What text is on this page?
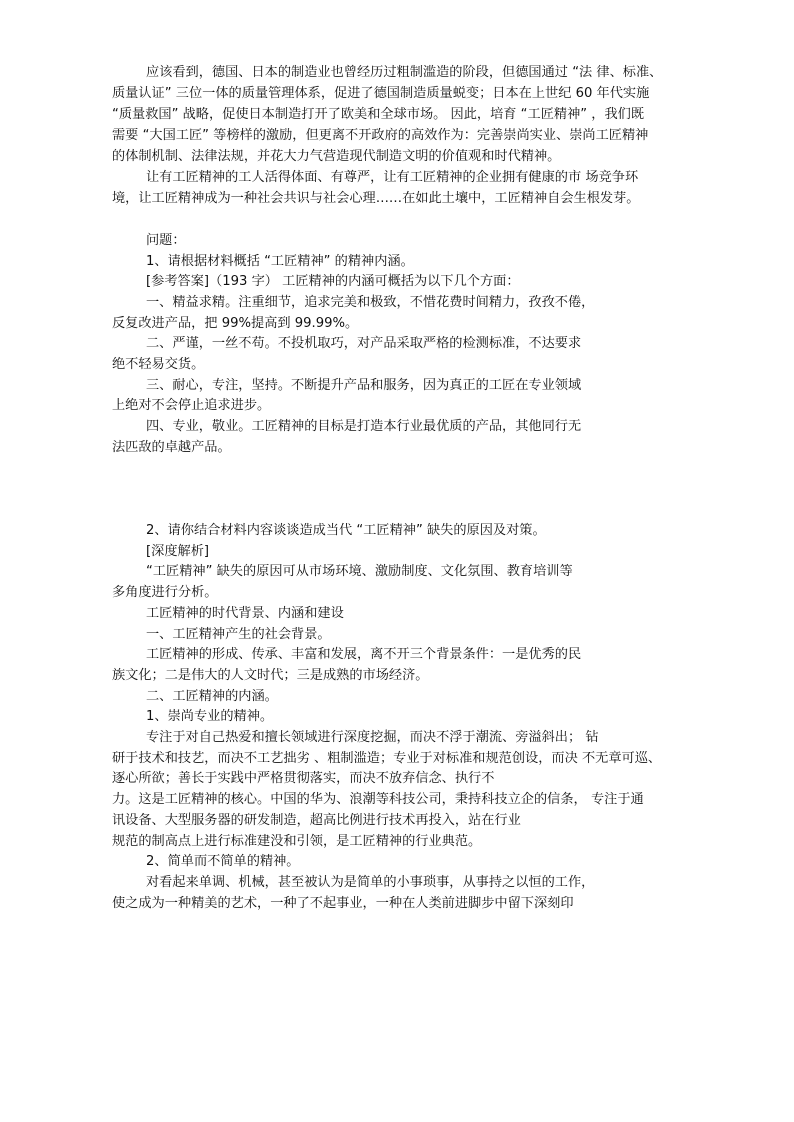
应该看到，德国、日本的制造业也曾经历过粗制滥造的阶段，但德国通过 “法 律、标准、
质量认证” 三位一体的质量管理体系，促进了德国制造质量蜕变；日本在上世纪 60 年代实施
“质量救国” 战略，促使日本制造打开了欧美和全球市场。 因此，培育 “工匠精神” ，我们既
需要 “大国工匠” 等榜样的激励，但更离不开政府的高效作为：完善崇尚实业、崇尚工匠精神
的体制机制、法律法规，并花大力气营造现代制造文明的价值观和时代精神。
让有工匠精神的工人活得体面、有尊严，让有工匠精神的企业拥有健康的市 场竞争环
境，让工匠精神成为一种社会共识与社会心理……在如此土壤中，工匠精神自会生根发芽。
问题：
1、请根据材料概括 “工匠精神” 的精神内涵。
[参考答案]（193 字） 工匠精神的内涵可概括为以下几个方面：
一、精益求精。注重细节，追求完美和极致，不惜花费时间精力，孜孜不倦，
反复改进产品，把 99%提高到 99.99%。
二、严谨，一丝不苟。不投机取巧，对产品采取严格的检测标准，不达要求
绝不轻易交货。
三、耐心，专注，坚持。不断提升产品和服务，因为真正的工匠在专业领域
上绝对不会停止追求进步。
四、专业，敬业。工匠精神的目标是打造本行业最优质的产品，其他同行无
法匹敌的卓越产品。
2、请你结合材料内容谈谈造成当代 “工匠精神” 缺失的原因及对策。
[深度解析]
“工匠精神” 缺失的原因可从市场环境、激励制度、文化氛围、教育培训等
多角度进行分析。
工匠精神的时代背景、内涵和建设
一、工匠精神产生的社会背景。
工匠精神的形成、传承、丰富和发展，离不开三个背景条件：一是优秀的民
族文化；二是伟大的人文时代；三是成熟的市场经济。
二、工匠精神的内涵。
1、崇尚专业的精神。
专注于对自己热爱和擅长领域进行深度挖掘，而决不浮于潮流、旁溢斜出； 钻
研于技术和技艺，而决不工艺拙劣 、粗制滥造；专业于对标准和规范创设，而决 不无章可巡、
逐心所欲；善长于实践中严格贯彻落实，而决不放弃信念、执行不
力。这是工匠精神的核心。中国的华为、浪潮等科技公司，秉持科技立企的信条， 专注于通
讯设备、大型服务器的研发制造，超高比例进行技术再投入，站在行业
规范的制高点上进行标准建没和引领，是工匠精神的行业典范。
2、简单而不简单的精神。
对看起来单调、机械，甚至被认为是简单的小事琐事，从事持之以恒的工作，
使之成为一种精美的艺术，一种了不起事业，一种在人类前进脚步中留下深刻印
